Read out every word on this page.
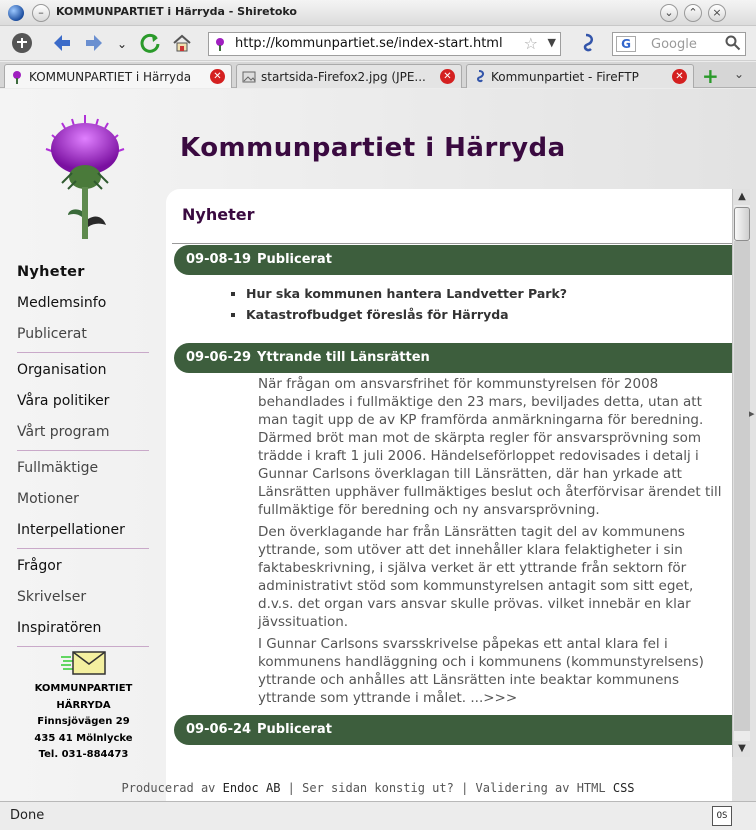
–	KOMMUNPARTIET i Härryda - Shiretoko	⌄	⌃	×
⌄	http://kommunpartiet.se/index-start.html ☆ ▼	G	Google
KOMMUNPARTIET i Härryda	✕	startsida-Firefox2.jpg (JPE...	✕	Kommunpartiet - FireFTP	✕ + ⌄
Nyheter
Medlemsinfo
Publicerat
Organisation
Våra politiker
Vårt program
Fullmäktige
Motioner
Interpellationer
Frågor
Skrivelser
Inspiratören
KOMMUNPARTIET HÄRRYDA
Finnsjövägen 29
435 41 Mölnlycke
Tel. 031-884473
Kommunpartiet i Härryda
Nyheter
09-08-19 Publicerat
▪ Hur ska kommunen hantera Landvetter Park?
▪ Katastrofbudget föreslås för Härryda
09-06-29 Yttrande till Länsrätten

När frågan om ansvarsfrihet för kommunstyrelsen för 2008 behandlades i fullmäktige den 23 mars, beviljades detta, utan att man tagit upp de av KP framförda anmärkningarna för beredning. Därmed bröt man mot de skärpta regler för ansvarsprövning som trädde i kraft 1 juli 2006. Händelseförloppet redovisades i detalj i Gunnar Carlsons överklagan till Länsrätten, där han yrkade att Länsrätten upphäver fullmäktiges beslut och återförvisar ärendet till fullmäktige för beredning och ny ansvarsprövning.

Den överklagande har från Länsrätten tagit del av kommunens yttrande, som utöver att det innehåller klara felaktigheter i sin faktabeskrivning, i själva verket är ett yttrande från sektorn för administrativt stöd som kommunstyrelsen antagit som sitt eget, d.v.s. det organ vars ansvar skulle prövas. vilket innebär en klar jävssituation.

I Gunnar Carlsons svarsskrivelse påpekas ett antal klara fel i kommunens handläggning och i kommunens (kommunstyrelsens) yttrande och anhålles att Länsrätten inte beaktar kommunens yttrande som yttrande i målet. ...>>>

09-06-24 Publicerat
▲
▼
▸
Producerad av Endoc AB | Ser sidan konstig ut? | Validering av HTML CSS
Done	OS
